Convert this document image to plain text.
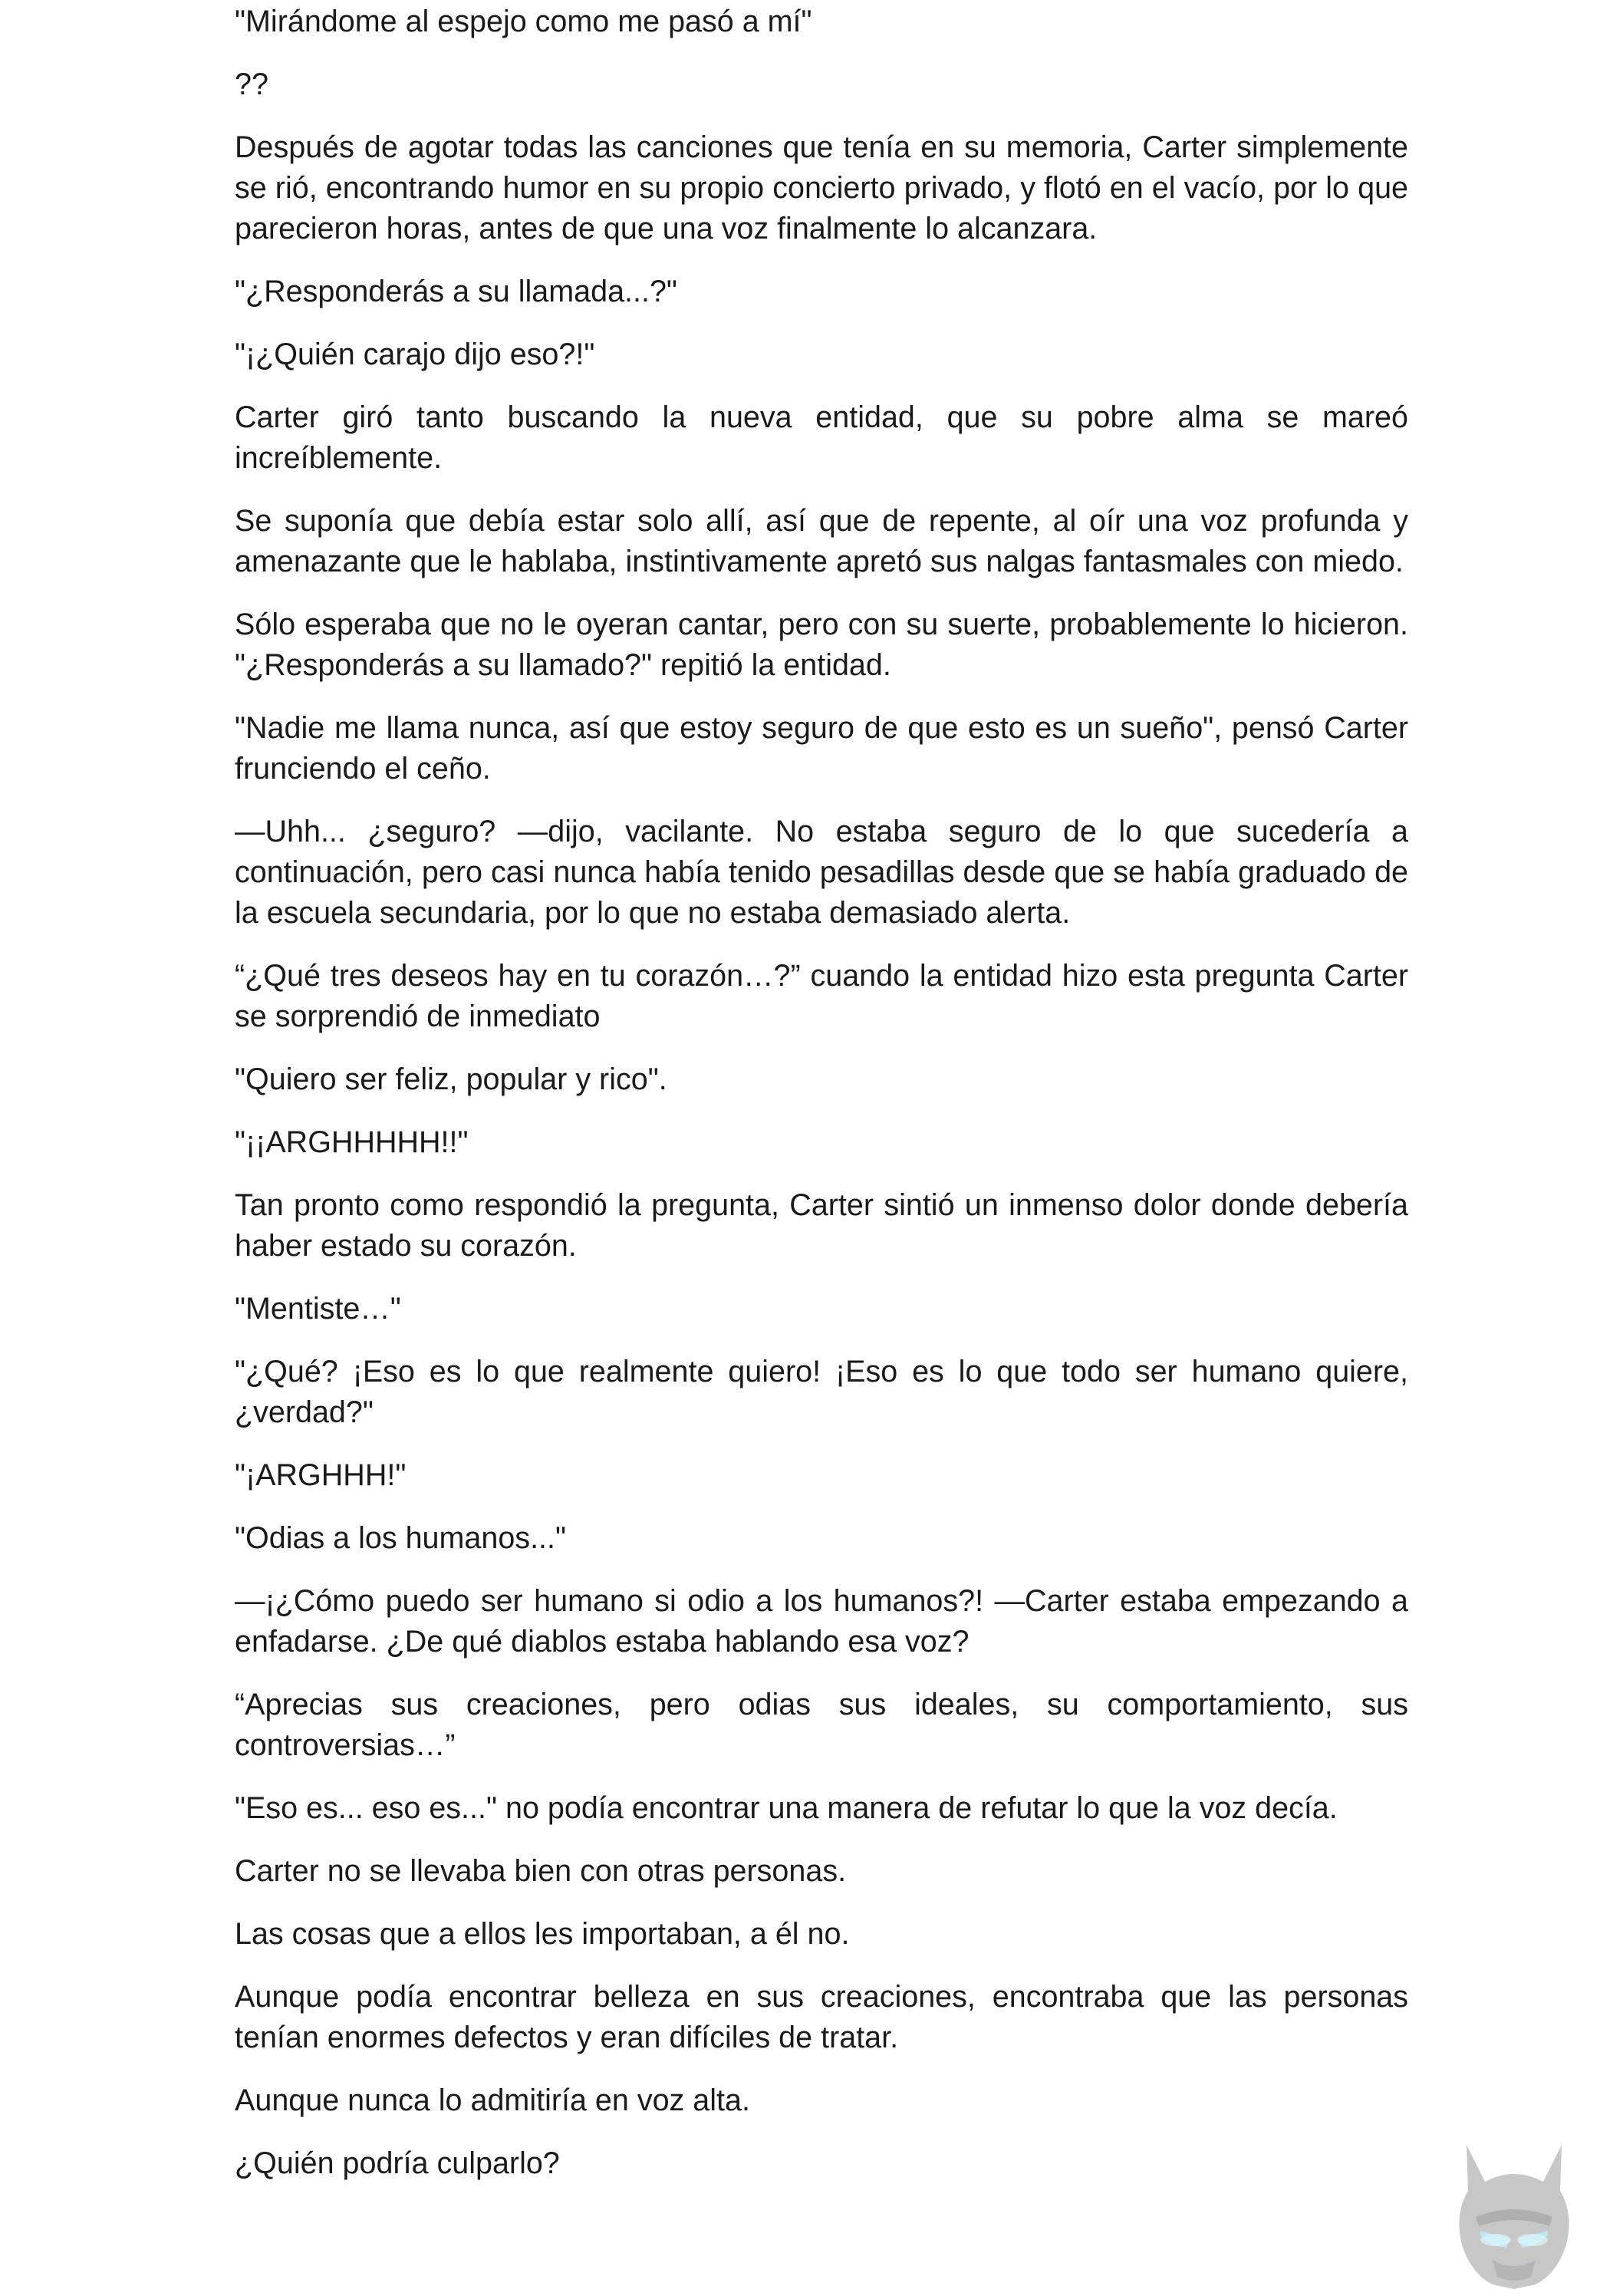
"Mirándome al espejo como me pasó a mí"

??

Después de agotar todas las canciones que tenía en su memoria, Carter simplemente se rió, encontrando humor en su propio concierto privado, y flotó en el vacío, por lo que parecieron horas, antes de que una voz finalmente lo alcanzara.

"¿Responderás a su llamada...?"

"¡¿Quién carajo dijo eso?!"

Carter giró tanto buscando la nueva entidad, que su pobre alma se mareó increíblemente.

Se suponía que debía estar solo allí, así que de repente, al oír una voz profunda y amenazante que le hablaba, instintivamente apretó sus nalgas fantasmales con miedo.

Sólo esperaba que no le oyeran cantar, pero con su suerte, probablemente lo hicieron. "¿Responderás a su llamado?" repitió la entidad.

"Nadie me llama nunca, así que estoy seguro de que esto es un sueño", pensó Carter frunciendo el ceño.

—Uhh... ¿seguro? —dijo, vacilante. No estaba seguro de lo que sucedería a continuación, pero casi nunca había tenido pesadillas desde que se había graduado de la escuela secundaria, por lo que no estaba demasiado alerta.

“¿Qué tres deseos hay en tu corazón…?” cuando la entidad hizo esta pregunta Carter se sorprendió de inmediato

"Quiero ser feliz, popular y rico".

"¡¡ARGHHHHH!!"

Tan pronto como respondió la pregunta, Carter sintió un inmenso dolor donde debería haber estado su corazón.

"Mentiste…"

"¿Qué? ¡Eso es lo que realmente quiero! ¡Eso es lo que todo ser humano quiere, ¿verdad?"

"¡ARGHHH!"

"Odias a los humanos..."

—¡¿Cómo puedo ser humano si odio a los humanos?! —Carter estaba empezando a enfadarse. ¿De qué diablos estaba hablando esa voz?

“Aprecias sus creaciones, pero odias sus ideales, su comportamiento, sus controversias…”

"Eso es... eso es..." no podía encontrar una manera de refutar lo que la voz decía.

Carter no se llevaba bien con otras personas.

Las cosas que a ellos les importaban, a él no.

Aunque podía encontrar belleza en sus creaciones, encontraba que las personas tenían enormes defectos y eran difíciles de tratar.

Aunque nunca lo admitiría en voz alta.

¿Quién podría culparlo?
